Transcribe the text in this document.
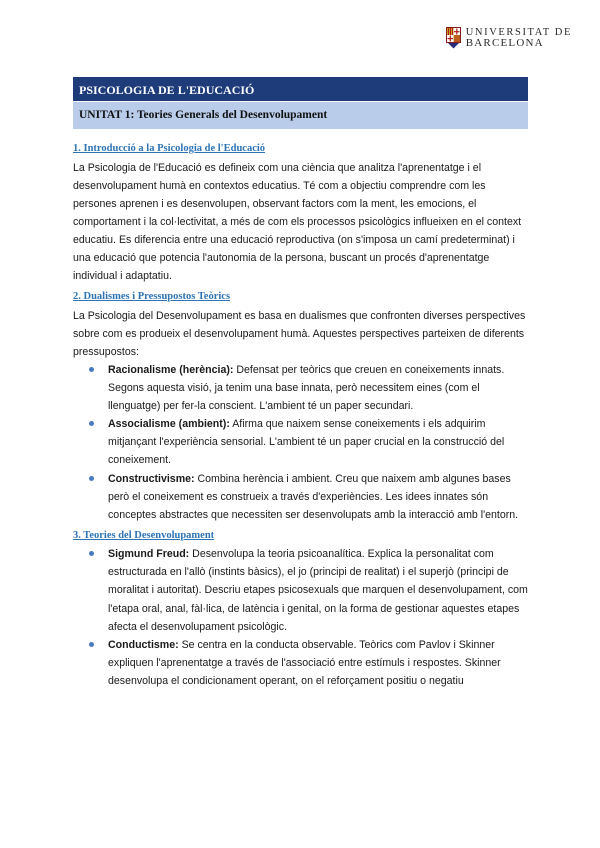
UNIVERSITAT DE
BARCELONA
PSICOLOGIA DE L'EDUCACIÓ
UNITAT 1: Teories Generals del Desenvolupament
1. Introducció a la Psicologia de l'Educació

La Psicologia de l'Educació es defineix com una ciència que analitza l'aprenentatge i el desenvolupament humà en contextos educatius. Té com a objectiu comprendre com les persones aprenen i es desenvolupen, observant factors com la ment, les emocions, el comportament i la col·lectivitat, a més de com els processos psicològics influeixen en el context educatiu. Es diferencia entre una educació reproductiva (on s'imposa un camí predeterminat) i una educació que potencia l'autonomia de la persona, buscant un procés d'aprenentatge individual i adaptatiu.

2. Dualismes i Pressupostos Teòrics

La Psicologia del Desenvolupament es basa en dualismes que confronten diverses perspectives sobre com es produeix el desenvolupament humà. Aquestes perspectives parteixen de diferents pressupostos:

Racionalisme (herència): Defensat per teòrics que creuen en coneixements innats. Segons aquesta visió, ja tenim una base innata, però necessitem eines (com el llenguatge) per fer-la conscient. L'ambient té un paper secundari.
Associalisme (ambient): Afirma que naixem sense coneixements i els adquirim mitjançant l'experiència sensorial. L'ambient té un paper crucial en la construcció del coneixement.
Constructivisme: Combina herència i ambient. Creu que naixem amb algunes bases però el coneixement es construeix a través d'experiències. Les idees innates són conceptes abstractes que necessiten ser desenvolupats amb la interacció amb l'entorn.
3. Teories del Desenvolupament
Sigmund Freud: Desenvolupa la teoria psicoanalítica. Explica la personalitat com estructurada en l'allò (instints bàsics), el jo (principi de realitat) i el superjò (principi de moralitat i autoritat). Descriu etapes psicosexuals que marquen el desenvolupament, com l'etapa oral, anal, fàl·lica, de latència i genital, on la forma de gestionar aquestes etapes afecta el desenvolupament psicològic.
Conductisme: Se centra en la conducta observable. Teòrics com Pavlov i Skinner expliquen l'aprenentatge a través de l'associació entre estímuls i respostes. Skinner desenvolupa el condicionament operant, on el reforçament positiu o negatiu
